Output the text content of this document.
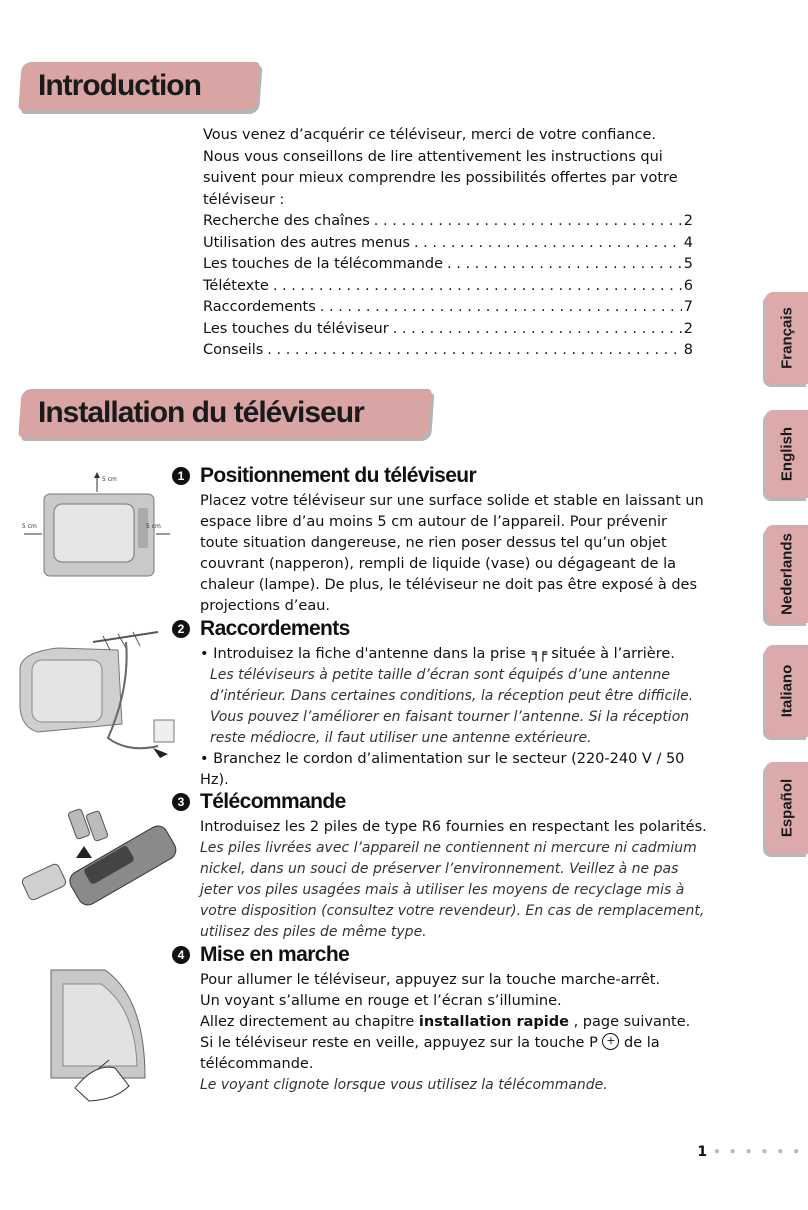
Introduction

Vous venez d’acquérir ce téléviseur, merci de votre confiance.

Nous vous conseillons de lire attentivement les instructions qui suivent pour mieux comprendre les possibilités offertes par votre téléviseur :

Recherche des chaînes . . .	2
Utilisation des autres menus . . .	4
Les touches de la télécommande . . .	5
Télétexte . . .	6
Raccordements . . .	7
Les touches du téléviseur . . .	2
Conseils . . .	8
Installation du téléviseur
1 Positionnement du téléviseur

Placez votre téléviseur sur une surface solide et stable en laissant un espace libre d’au moins 5 cm autour de l’appareil. Pour prévenir toute situation dangereuse, ne rien poser dessus tel qu’un objet couvrant (napperon), rempli de liquide (vase) ou dégageant de la chaleur (lampe). De plus, le téléviseur ne doit pas être exposé à des projections d’eau.

2 Raccordements

• Introduisez la fiche d'antenne dans la prise ╕╒ située à l’arrière.

Les téléviseurs à petite taille d’écran sont équipés d’une antenne d’intérieur. Dans certaines conditions, la réception peut être difficile. Vous pouvez l’améliorer en faisant tourner l’antenne. Si la réception reste médiocre, il faut utiliser une antenne extérieure.

• Branchez le cordon d’alimentation sur le secteur (220-240 V / 50 Hz).

3 Télécommande

Introduisez les 2 piles de type R6 fournies en respectant les polarités.

Les piles livrées avec l’appareil ne contiennent ni mercure ni cadmium nickel, dans un souci de préserver l’environnement. Veillez à ne pas jeter vos piles usagées mais à utiliser les moyens de recyclage mis à votre disposition (consultez votre revendeur). En cas de remplacement, utilisez des piles de même type.

4 Mise en marche

Pour allumer le téléviseur, appuyez sur la touche marche-arrêt.

Un voyant s’allume en rouge et l’écran s’illumine.

Allez directement au chapitre installation rapide , page suivante.

Si le téléviseur reste en veille, appuyez sur la touche P + de la télécommande.

Le voyant clignote lorsque vous utilisez la télécommande.

5 cm
5 cm	5 cm
Français
English
Nederlands
Italiano
Español
1 • • • • • •
